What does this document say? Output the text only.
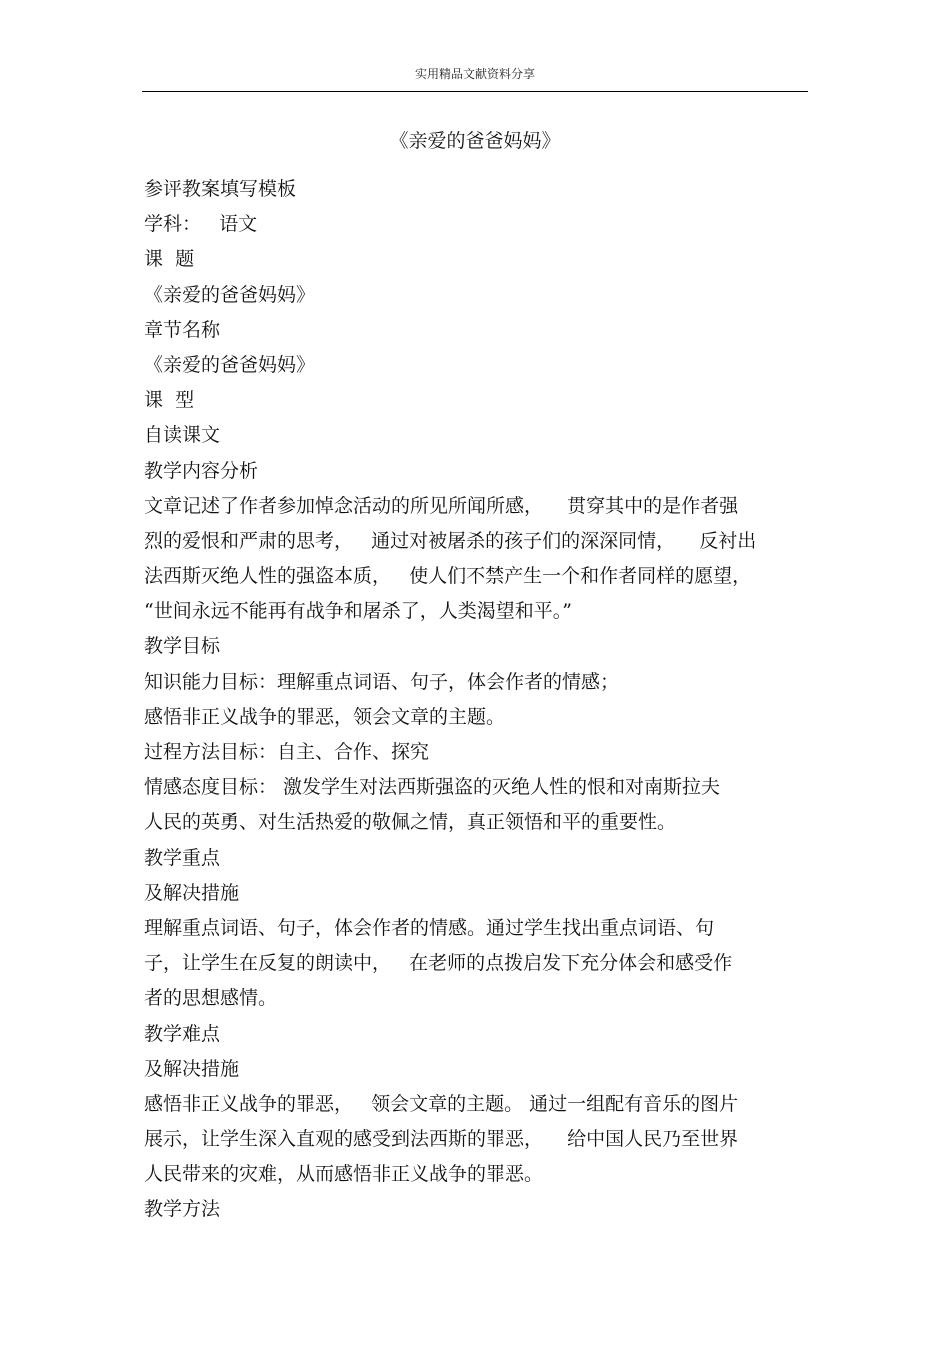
实用精品文献资料分享
《亲爱的爸爸妈妈》
参评教案填写模板
学科：   语文
课  题
《亲爱的爸爸妈妈》
章节名称
《亲爱的爸爸妈妈》
课  型
自读课文
教学内容分析
文章记述了作者参加悼念活动的所见所闻所感，    贯穿其中的是作者强
烈的爱恨和严肃的思考，   通过对被屠杀的孩子们的深深同情，    反衬出
法西斯灭绝人性的强盗本质，   使人们不禁产生一个和作者同样的愿望，
“世间永远不能再有战争和屠杀了，人类渴望和平。”
教学目标
知识能力目标：理解重点词语、句子，体会作者的情感；
感悟非正义战争的罪恶，领会文章的主题。
过程方法目标：自主、合作、探究
情感态度目标： 激发学生对法西斯强盗的灭绝人性的恨和对南斯拉夫
人民的英勇、对生活热爱的敬佩之情，真正领悟和平的重要性。
教学重点
及解决措施
理解重点词语、句子，体会作者的情感。通过学生找出重点词语、句
子，让学生在反复的朗读中，   在老师的点拨启发下充分体会和感受作
者的思想感情。
教学难点
及解决措施
感悟非正义战争的罪恶，   领会文章的主题。 通过一组配有音乐的图片
展示，让学生深入直观的感受到法西斯的罪恶，    给中国人民乃至世界
人民带来的灾难，从而感悟非正义战争的罪恶。
教学方法
